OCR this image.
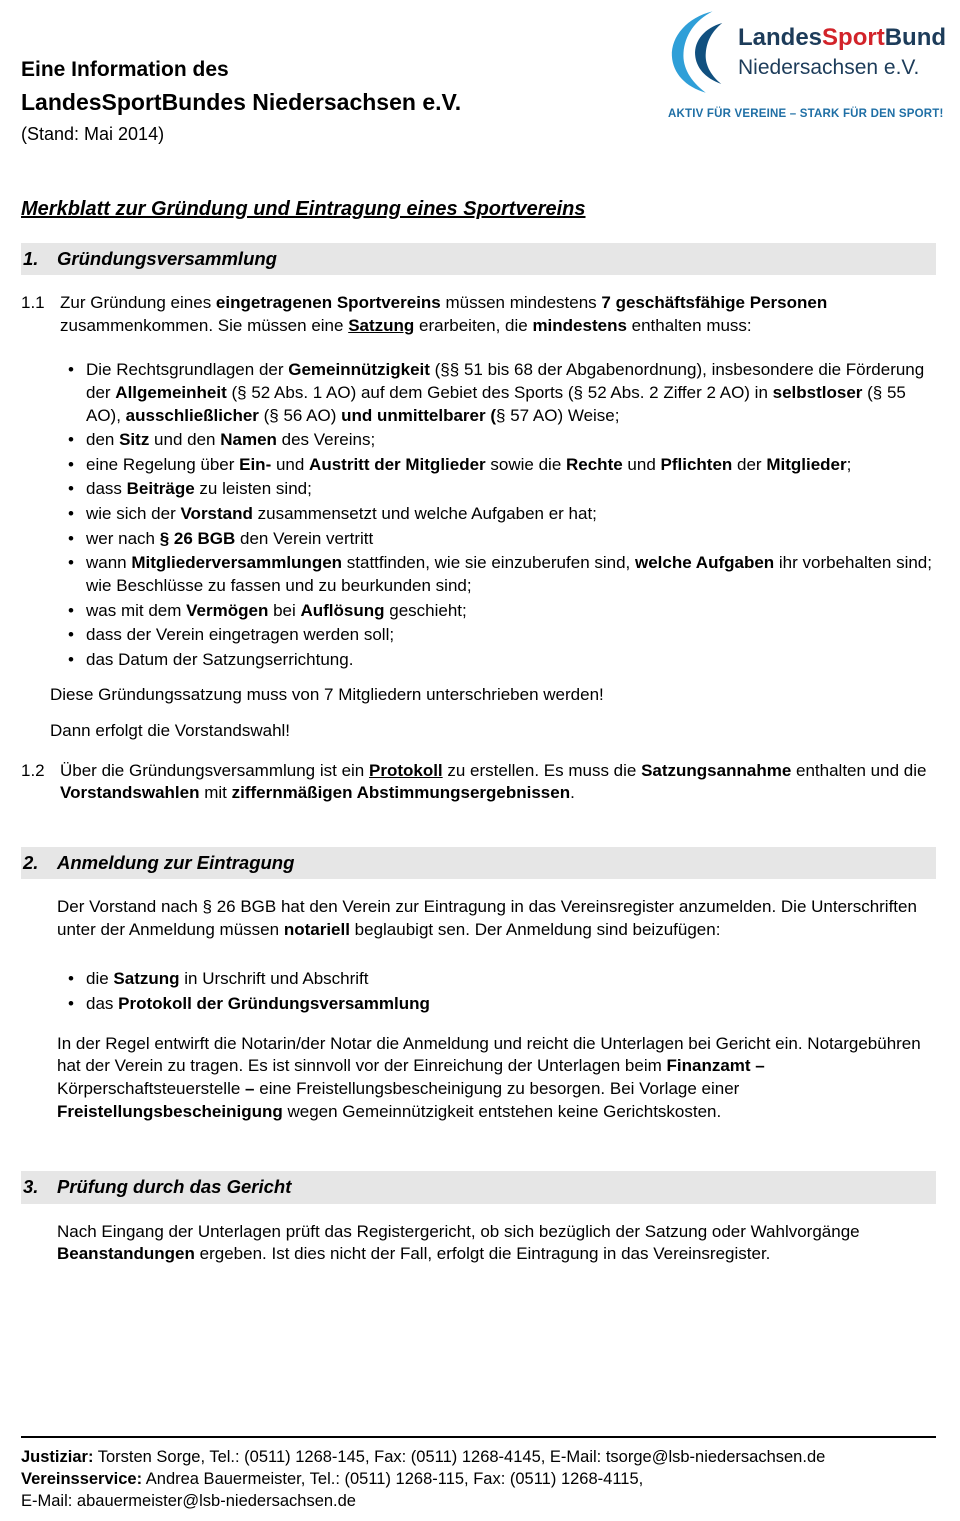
Eine Information des
LandesSportBundes Niedersachsen e.V.
(Stand: Mai 2014)
LandesSportBund
Niedersachsen e.V.
AKTIV FÜR VEREINE – STARK FÜR DEN SPORT!
Merkblatt zur Gründung und Eintragung eines Sportvereins
1.	Gründungsversammlung
1.1 Zur Gründung eines eingetragenen Sportvereins müssen mindestens 7 geschäftsfähige Personen zusammenkommen. Sie müssen eine Satzung erarbeiten, die mindestens enthalten muss:
• Die Rechtsgrundlagen der Gemeinnützigkeit (§§ 51 bis 68 der Abgabenordnung), insbesondere die Förderung der Allgemeinheit (§ 52 Abs. 1 AO) auf dem Gebiet des Sports (§ 52 Abs. 2 Ziffer 2 AO) in selbstloser (§ 55 AO), ausschließlicher (§ 56 AO) und unmittelbarer (§ 57 AO) Weise;
• den Sitz und den Namen des Vereins;
• eine Regelung über Ein- und Austritt der Mitglieder sowie die Rechte und Pflichten der Mitglieder;
• dass Beiträge zu leisten sind;
• wie sich der Vorstand zusammensetzt und welche Aufgaben er hat;
• wer nach § 26 BGB den Verein vertritt
• wann Mitgliederversammlungen stattfinden, wie sie einzuberufen sind, welche Aufgaben ihr vorbehalten sind; wie Beschlüsse zu fassen und zu beurkunden sind;
• was mit dem Vermögen bei Auflösung geschieht;
• dass der Verein eingetragen werden soll;
• das Datum der Satzungserrichtung.
Diese Gründungssatzung muss von 7 Mitgliedern unterschrieben werden!
Dann erfolgt die Vorstandswahl!
1.2 Über die Gründungsversammlung ist ein Protokoll zu erstellen. Es muss die Satzungsannahme enthalten und die Vorstandswahlen mit ziffernmäßigen Abstimmungsergebnissen.
2.	Anmeldung zur Eintragung
Der Vorstand nach § 26 BGB hat den Verein zur Eintragung in das Vereinsregister anzumelden. Die Unterschriften unter der Anmeldung müssen notariell beglaubigt sen. Der Anmeldung sind beizufügen:
• die Satzung in Urschrift und Abschrift
• das Protokoll der Gründungsversammlung
In der Regel entwirft die Notarin/der Notar die Anmeldung und reicht die Unterlagen bei Gericht ein. Notargebühren hat der Verein zu tragen. Es ist sinnvoll vor der Einreichung der Unterlagen beim Finanzamt – Körperschaftsteuerstelle – eine Freistellungsbescheinigung zu besorgen. Bei Vorlage einer Freistellungsbescheinigung wegen Gemeinnützigkeit entstehen keine Gerichtskosten.
3.	Prüfung durch das Gericht
Nach Eingang der Unterlagen prüft das Registergericht, ob sich bezüglich der Satzung oder Wahlvorgänge Beanstandungen ergeben. Ist dies nicht der Fall, erfolgt die Eintragung in das Vereinsregister.
Justiziar: Torsten Sorge, Tel.: (0511) 1268-145, Fax: (0511) 1268-4145, E-Mail: tsorge@lsb-niedersachsen.de
Vereinsservice: Andrea Bauermeister, Tel.: (0511) 1268-115, Fax: (0511) 1268-4115,
E-Mail: abauermeister@lsb-niedersachsen.de
